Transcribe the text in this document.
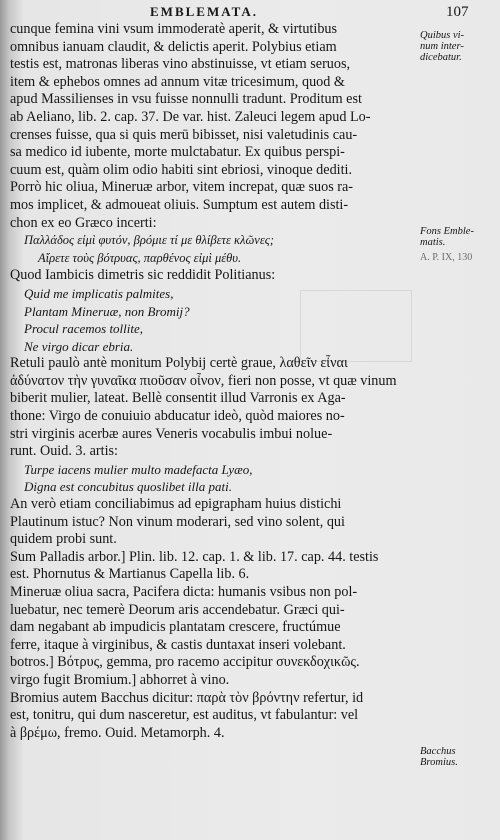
EMBLEMATA.	107
cunque femina vini vsum immoderatè aperit, & virtutibus
omnibus ianuam claudit, & delictis aperit. Polybius etiam
testis est, matronas liberas vino abstinuisse, vt etiam seruos,
item & ephebos omnes ad annum vitæ tricesimum, quod &
apud Massilienses in vsu fuisse nonnulli tradunt. Proditum est
ab Aeliano, lib. 2. cap. 37. De var. hist. Zaleuci legem apud Lo-
crenses fuisse, qua si quis merū bibisset, nisi valetudinis cau-
sa medico id iubente, morte mulctabatur. Ex quibus perspi-
cuum est, quàm olim odio habiti sint ebriosi, vinoque dediti.
Porrò hic oliua, Mineruæ arbor, vitem increpat, quæ suos ra-
mos implicet, & admoueat oliuis. Sumptum est autem disti-
chon ex eo Græco incerti:
Παλλάδος εἰμὶ φυτόν, βρόμιε τί με θλίβετε κλῶνες;
Αἴρετε τοὺς βότρυας, παρθένος εἰμὶ μέθυ.
Quod Iambicis dimetris sic reddidit Politianus:
Quid me implicatis palmites,
Plantam Mineruæ, non Bromij?
Procul racemos tollite,
Ne virgo dicar ebria.
Retuli paulò antè monitum Polybij certè graue, λαθεῖν εἶναι
ἀδύνατον τὴν γυναῖκα πιοῦσαν οἶνον, fieri non posse, vt quæ vinum
biberit mulier, lateat. Bellè consentit illud Varronis ex Aga-
thone: Virgo de conuiuio abducatur ideò, quòd maiores no-
stri virginis acerbæ aures Veneris vocabulis imbui nolue-
runt. Ouid. 3. artis:
Turpe iacens mulier multo madefacta Lyæo,
Digna est concubitus quoslibet illa pati.
An verò etiam conciliabimus ad epigrapham huius distichi
Plautinum istuc? Non vinum moderari, sed vino solent, qui
quidem probi sunt.
Sum Palladis arbor.] Plin. lib. 12. cap. 1. & lib. 17. cap. 44. testis
est. Phornutus & Martianus Capella lib. 6.
Mineruæ oliua sacra, Pacifera dicta: humanis vsibus non pol-
luebatur, nec temerè Deorum aris accendebatur. Græci qui-
dam negabant ab impudicis plantatam crescere, fructúmue
ferre, itaque à virginibus, & castis duntaxat inseri volebant.
botros.] Βότρυς, gemma, pro racemo accipitur συνεκδοχικῶς.
virgo fugit Bromium.] abhorret à vino.
Bromius autem Bacchus dicitur: παρὰ τὸν βρόντην refertur, id
est, tonitru, qui dum nasceretur, est auditus, vt fabulantur: vel
à βρέμω, fremo. Ouid. Metamorph. 4.
Quibus vi-
num inter-
dicebatur.
Fons Emble-
matis.
A. P. IX, 130
Bacchus
Bromius.
